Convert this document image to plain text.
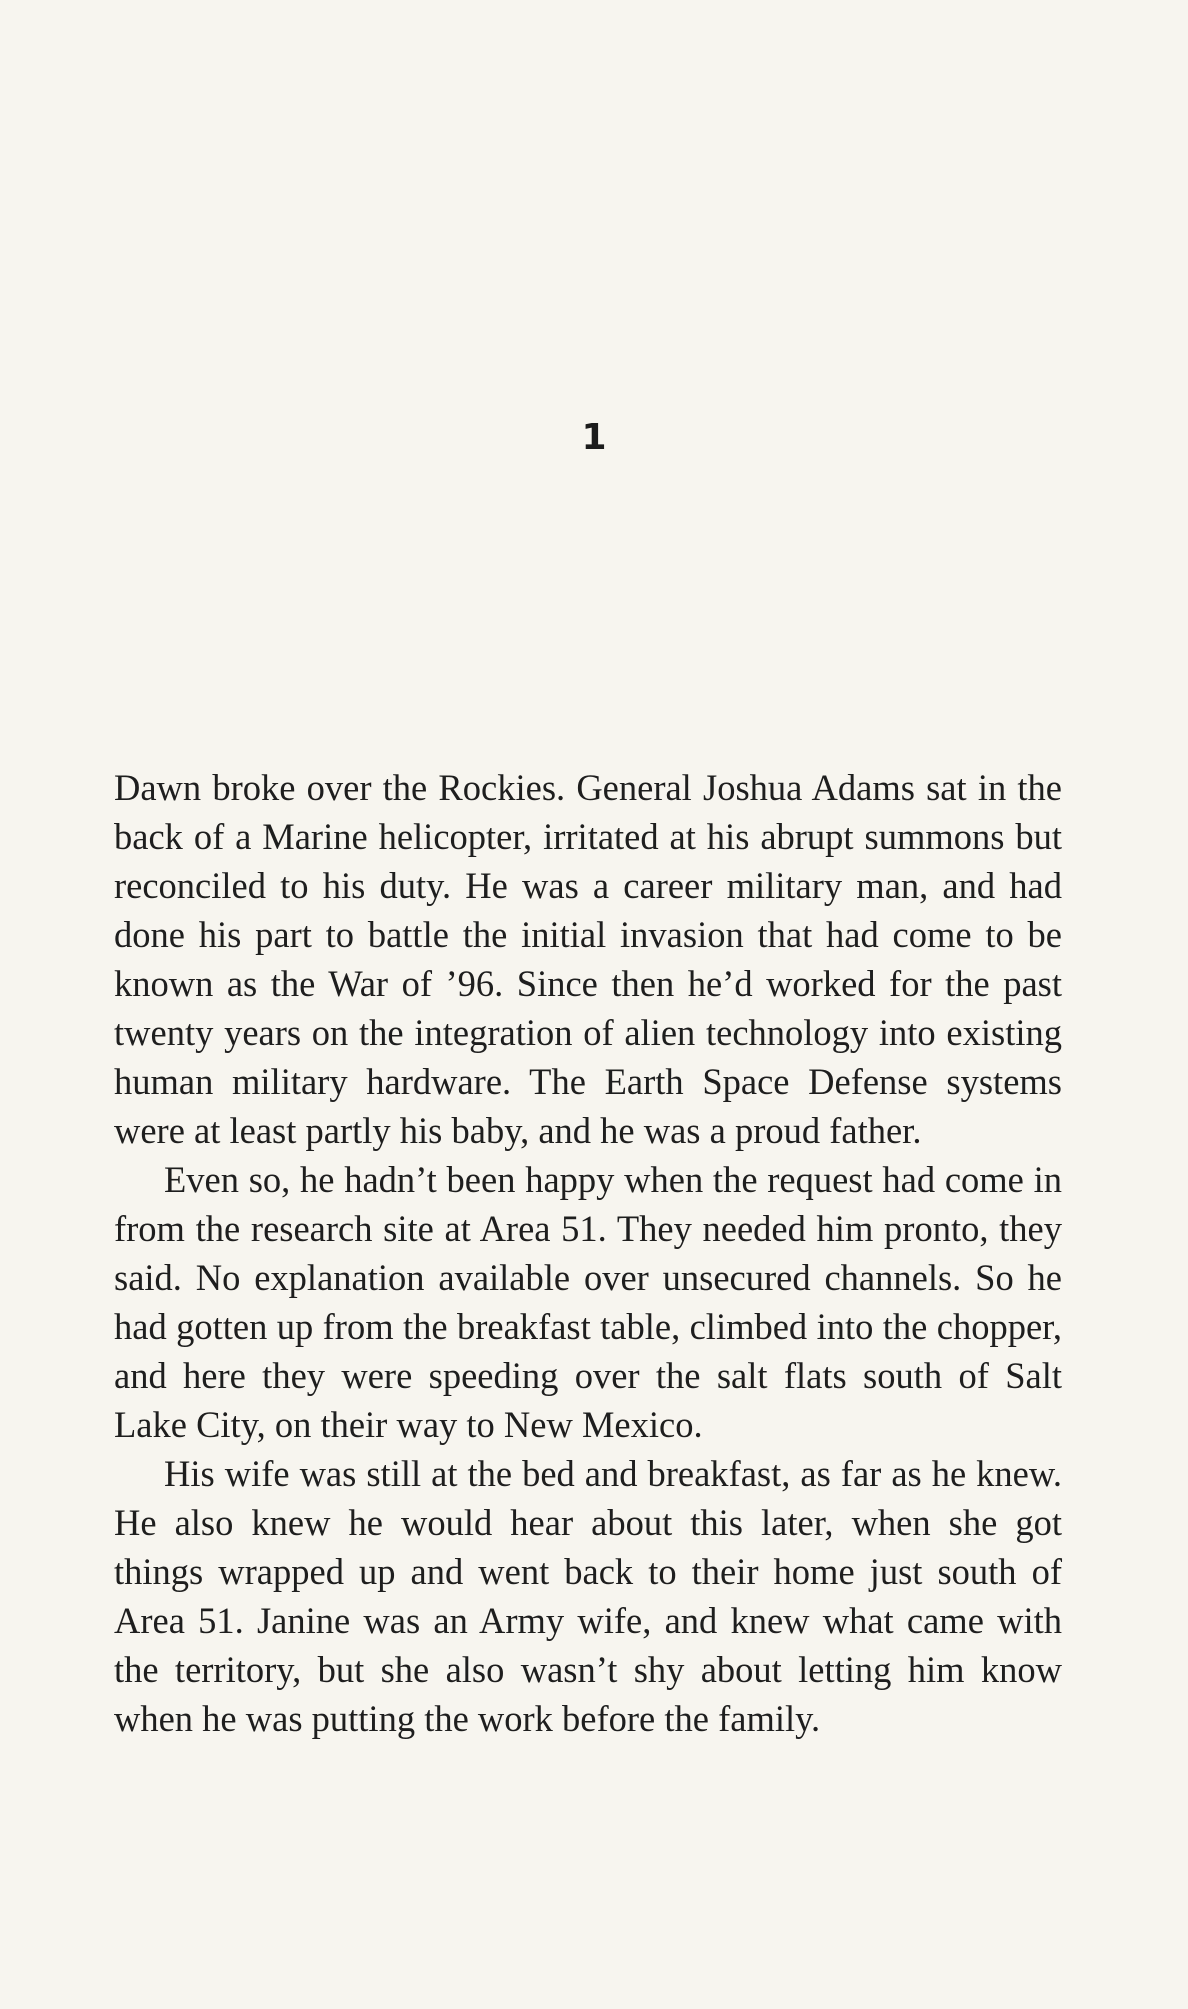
1

Dawn broke over the Rockies. General Joshua Adams sat in the back of a Marine helicopter, irritated at his abrupt summons but reconciled to his duty. He was a career military man, and had done his part to battle the initial invasion that had come to be known as the War of ’96. Since then he’d worked for the past twenty years on the integration of alien technology into existing human military hardware. The Earth Space Defense systems were at least partly his baby, and he was a proud father.

Even so, he hadn’t been happy when the request had come in from the research site at Area 51. They needed him pronto, they said. No explanation available over unsecured channels. So he had gotten up from the breakfast table, climbed into the chopper, and here they were speeding over the salt flats south of Salt Lake City, on their way to New Mexico.

His wife was still at the bed and breakfast, as far as he knew. He also knew he would hear about this later, when she got things wrapped up and went back to their home just south of Area 51. Janine was an Army wife, and knew what came with the territory, but she also wasn’t shy about letting him know when he was putting the work before the family.
